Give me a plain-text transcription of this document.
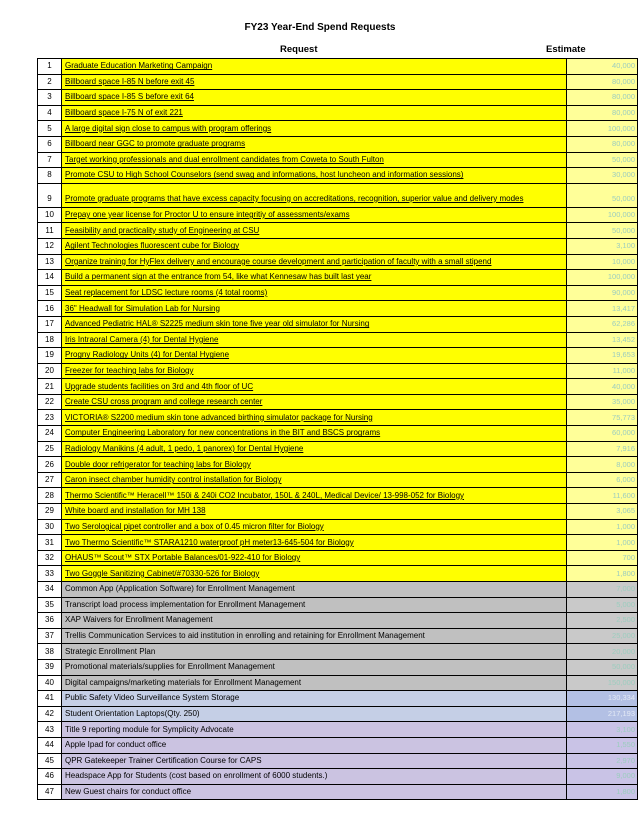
FY23 Year-End Spend Requests
Request	Estimate
1	Graduate Education Marketing Campaign	40,000
2	Billboard space I-85 N before exit 45	80,000
3	Billboard space I-85 S before exit 64	80,000
4	Billboard space I-75 N of exit 221	80,000
5	A large digital sign close to campus with program offerings	100,000
6	Billboard near GGC to promote graduate programs	80,000
7	Target working professionals and dual enrollment candidates from Coweta to South Fulton	50,000
8	Promote CSU to High School Counselors (send swag and informations, host luncheon and information sessions)	30,000
9	Promote graduate programs that have excess capacity focusing on accreditations, recognition, superior value and delivery modes	50,000
10	Prepay one year license for Proctor U to ensure integritiy of assessments/exams	100,000
11	Feasibility and practicality study of Engineering at CSU	50,000
12	Agilent Technologies fluorescent cube for Biology	3,100
13	Organize training for HyFlex delivery and encourage course development and participation of faculty with a small stipend	10,000
14	Build a permanent sign at the entrance from 54, like what Kennesaw has built last year	100,000
15	Seat replacement for LDSC lecture rooms (4 total rooms)	90,000
16	36" Headwall for Simulation Lab for Nursing	13,417
17	Advanced Pediatric HAL® S2225 medium skin tone five year old simulator for Nursing	62,286
18	Iris Intraoral Camera (4) for Dental Hygiene	13,452
19	Progny Radiology Units (4) for Dental Hygiene	19,653
20	Freezer for teaching labs for Biology	11,000
21	Upgrade students facilities on 3rd and 4th floor of UC	40,000
22	Create CSU cross program and college research center	35,000
23	VICTORIA® S2200 medium skin tone advanced birthing simulator package for Nursing	75,773
24	Computer Engineering Laboratory for new concentrations in the BIT and BSCS programs	60,000
25	Radiology Manikins (4 adult, 1 pedo, 1 panorex) for Dental Hygiene	7,916
26	Double door refrigerator for teaching labs for Biology	8,000
27	Caron insect chamber humidity control installation for Biology	6,000
28	Thermo Scientific™ Heracell™ 150i & 240i CO2 Incubator, 150L & 240L, Medical Device/ 13-998-052 for Biology	11,600
29	White board and installation for MH 138	3,065
30	Two Serological pipet controller and a box of 0.45 micron filter for Biology	1,000
31	Two Thermo Scientific™ STARA1210 waterproof pH meter13-645-504 for Biology	1,000
32	OHAUS™ Scout™ STX Portable Balances/01-922-410 for Biology	700
33	Two Goggle Sanitizing Cabinet/#70330-526 for Biology	1,800
34	Common App (Application Software) for Enrollment Management	7,000
35	Transcript load process implementation for Enrollment Management	5,000
36	XAP Waivers for Enrollment Management	2,500
37	Trellis Communication Services to aid institution in enrolling and retaining for Enrollment Management	25,000
38	Strategic Enrollment Plan	20,000
39	Promotional materials/supplies for Enrollment Management	50,000
40	Digital campaigns/marketing materials for Enrollment Management	150,000
41	Public Safety Video Surveillance System Storage	130,334
42	Student Orientation Laptops(Qty. 250)	217,193
43	Title 9 reporting module for Symplicity Advocate	3,100
44	Apple Ipad for conduct office	1,550
45	QPR Gatekeeper Trainer Certification Course for CAPS	2,970
46	Headspace App for Students (cost based on enrollment of 6000 students.)	9,000
47	New Guest chairs for conduct office	1,800
